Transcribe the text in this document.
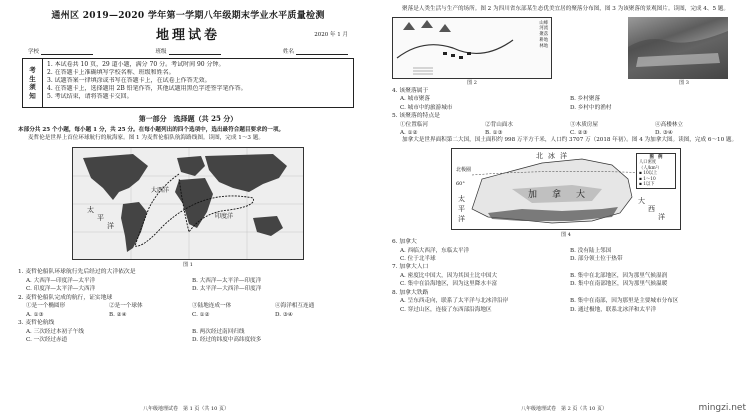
通州区 2019—2020 学年第一学期八年级期末学业水平质量检测
地理试卷	2020 年 1 月
学校	班级	姓名
考
生
须
知
1. 本试卷共 10 页，29 道小题，满分 70 分。考试时间 90 分钟。
2. 在答题卡上准确填写学校名称、班级和姓名。
3. 试题答案一律填涂或书写在答题卡上，在试卷上作答无效。
4. 在答题卡上，选择题用 2B 铅笔作答，其他试题用黑色字迹签字笔作答。
5. 考试结束，请将答题卡交回。
第一部分　选择题（共 25 分）
本部分共 25 个小题，每小题 1 分，共 25 分。在每小题列出的四个选项中，选出最符合题目要求的一项。
麦哲伦是世界上首位环球航行的航海家。图 1 为麦哲伦船队航海路线图。读图，完成 1～3 题。
大西洋
印度洋
太
平
洋
图 1
1. 麦哲伦船队环球航行先后经过的大洋依次是
A. 大西洋—印度洋—太平洋	B. 大西洋—太平洋—印度洋
C. 印度洋—太平洋—大西洋	D. 太平洋—大西洋—印度洋
2. 麦哲伦船队完成的航行，证实地球
①是一个椭圆形	②是一个球体	③陆地连成一体	④海洋相互连通
A. ①③	B. ②④	C. ①②	D. ③④
3. 麦哲伦航线
A. 三次经过本初子午线	B. 两次经过南回归线
C. 一次经过赤道	D. 经过的纬度中高纬度较多
八年级地理试卷　第 1 页（共 10 页）
聚落是人类生活与生产的场所。图 2 为四川省东部某生态优美宜居的聚落分布图，图 3 为该聚落的景观图片。读图，完成 4、5 题。
山峰
河流
聚落
耕地
林地
图 2	图 3
4. 该聚落属于
A. 城市聚落	B. 乡村聚落
C. 城市中的旅游城市	D. 乡村中的渔村
5. 该聚落的特点是
①位置临河	②背山面水	③木质房屋	④高楼林立
A. ①②	B. ①③	C. ②③	D. ③④
加拿大是世界面积第二大国，国土面积约 998 万平方千米，人口约 3707 万（2018 年初）。图 4 为加拿大图。读图，完成 6～10 题。
60°
北极圈
北 冰 洋
太
平
洋
大
西
洋
加 拿 大
图　例
人口密度
（人/km²）
▪ 10以上
▪ 1～10
▪ 1以下
图 4
6. 加拿大
A. 西临大西洋，东临太平洋	B. 没有陆上邻国
C. 位于北半球	D. 部分领土位于热带
7. 加拿大人口
A. 密度比中国大，因为其国土比中国大	B. 集中在北部地区，因为那里气候湿润
C. 集中在沿海地区，因为这里降水丰富	D. 集中在南部地区，因为那里气候温暖
8. 加拿大铁路
A. 呈东西走向，联系了太平洋与北冰洋沿岸	B. 集中在南部，因为那里是主要城市分布区
C. 穿过山区，连接了东西部沿海地区	D. 通过极地，联系北冰洋和太平洋
八年级地理试卷　第 2 页（共 10 页）	mingzi.net
